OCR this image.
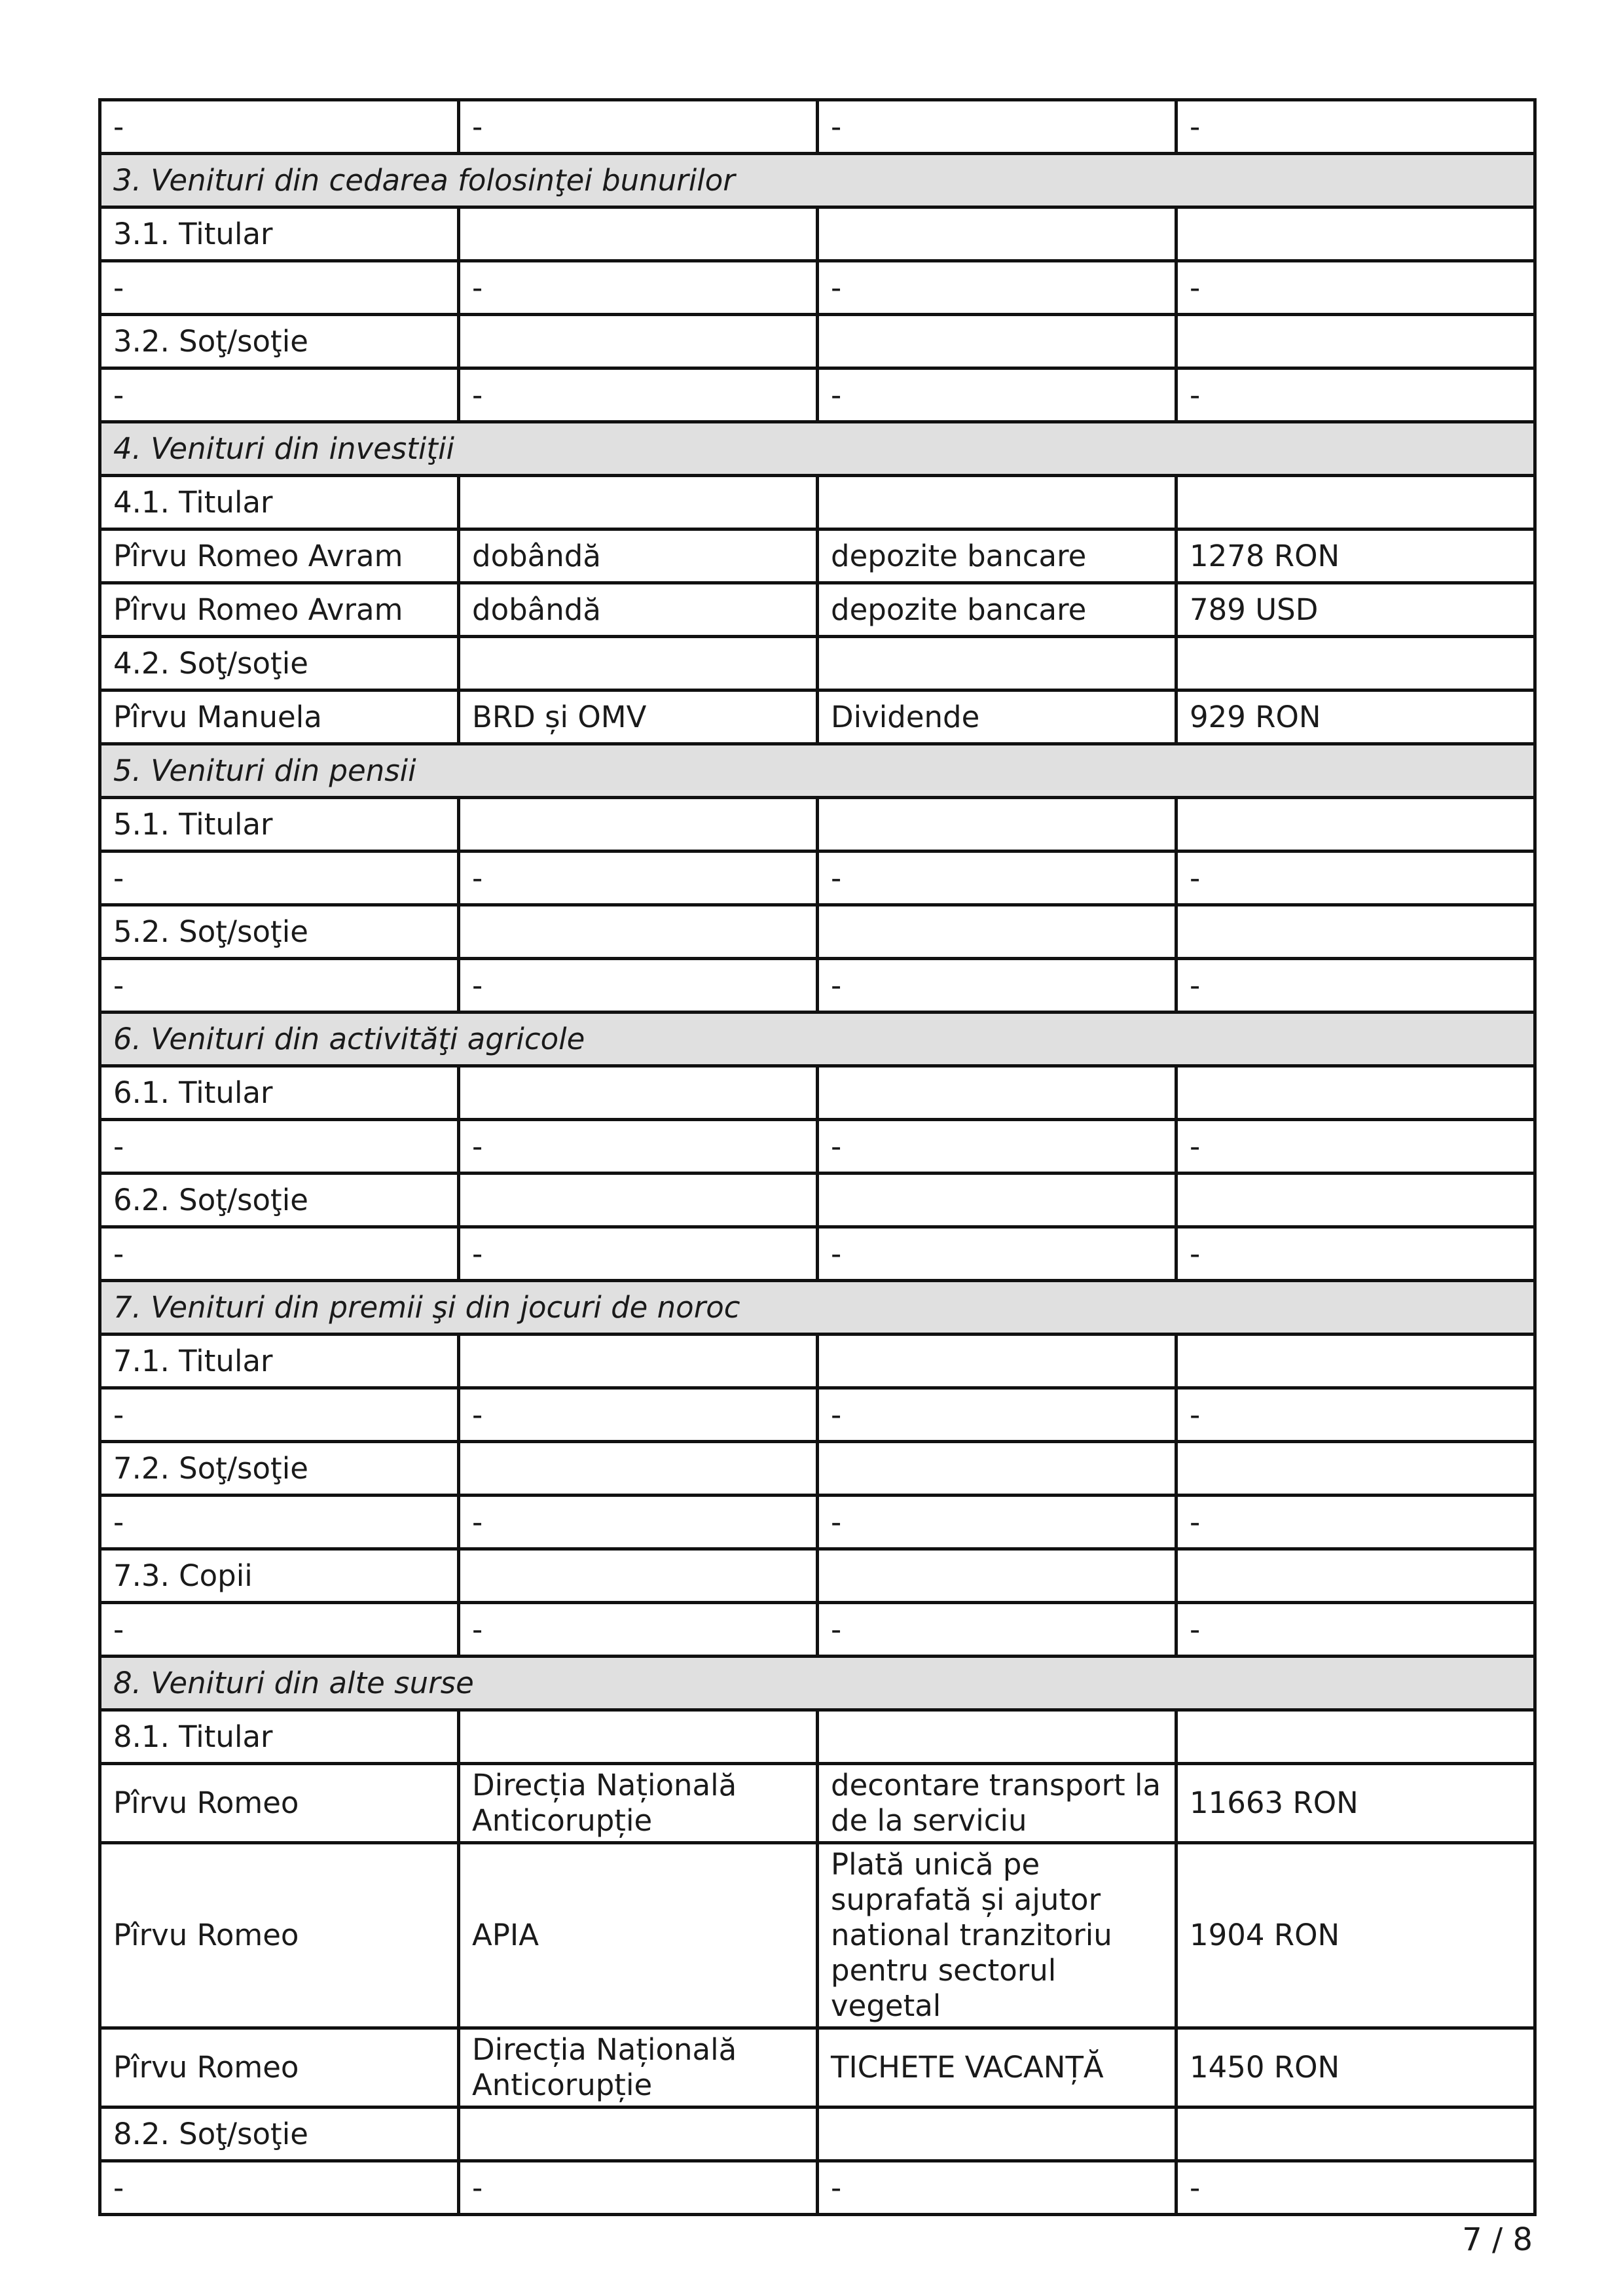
-	-	-	-
3. Venituri din cedarea folosinţei bunurilor			
3.1. Titular			
-	-	-	-
3.2. Soţ/soţie			
-	-	-	-
4. Venituri din investiţii			
4.1. Titular			
Pîrvu Romeo Avram	dobândă	depozite bancare	1278 RON
Pîrvu Romeo Avram	dobândă	depozite bancare	789 USD
4.2. Soţ/soţie			
Pîrvu Manuela	BRD și OMV	Dividende	929 RON
5. Venituri din pensii			
5.1. Titular			
-	-	-	-
5.2. Soţ/soţie			
-	-	-	-
6. Venituri din activităţi agricole			
6.1. Titular			
-	-	-	-
6.2. Soţ/soţie			
-	-	-	-
7. Venituri din premii şi din jocuri de noroc			
7.1. Titular			
-	-	-	-
7.2. Soţ/soţie			
-	-	-	-
7.3. Copii			
-	-	-	-
8. Venituri din alte surse			
8.1. Titular			
Pîrvu Romeo	Direcția Națională Anticorupție	decontare transport la de la serviciu	11663 RON
Pîrvu Romeo	APIA	Plată unică pe suprafată și ajutor national tranzitoriu pentru sectorul vegetal	1904 RON
Pîrvu Romeo	Direcția Națională Anticorupție	TICHETE VACANȚĂ	1450 RON
8.2. Soţ/soţie			
-	-	-	-
7 / 8
